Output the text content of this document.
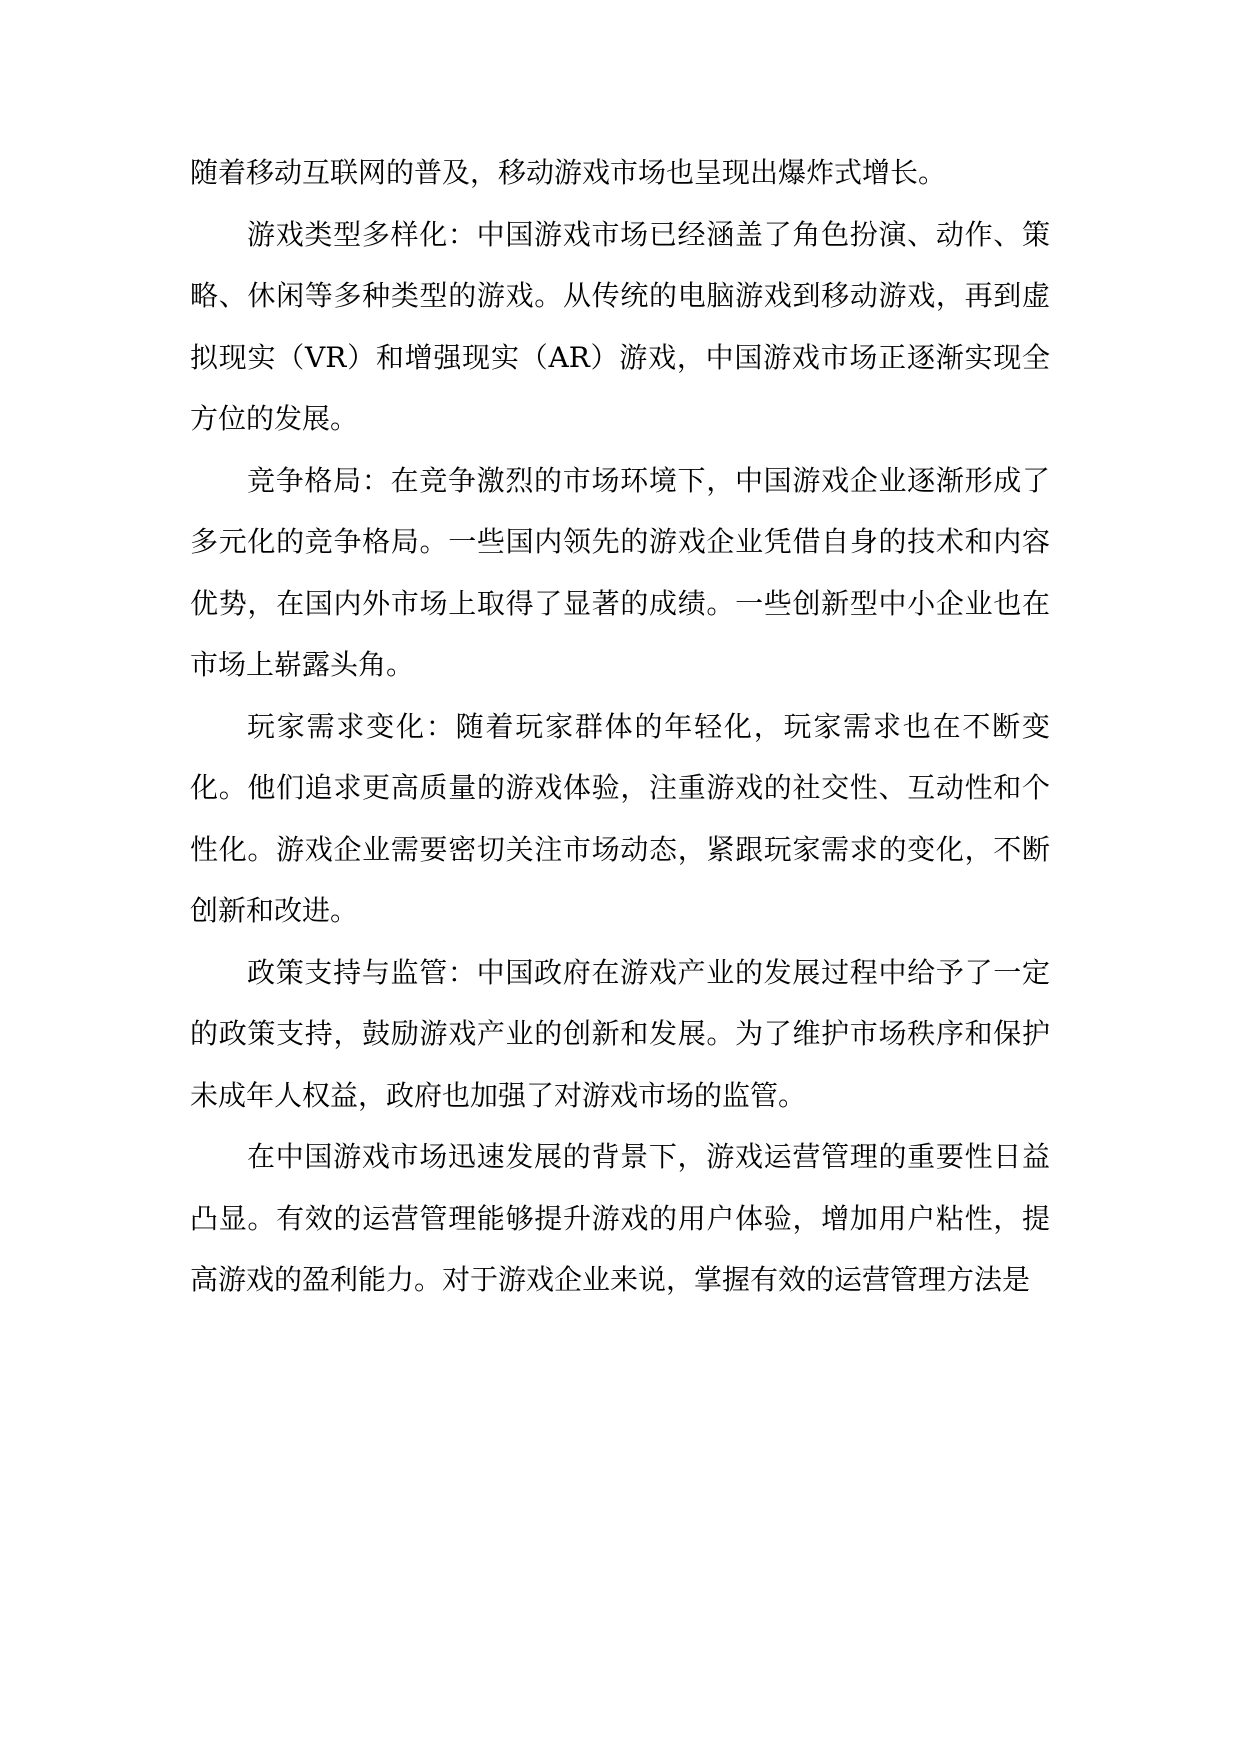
随着移动互联网的普及，移动游戏市场也呈现出爆炸式增长。

游戏类型多样化：中国游戏市场已经涵盖了角色扮演、动作、策略、休闲等多种类型的游戏。从传统的电脑游戏到移动游戏，再到虚拟现实（VR）和增强现实（AR）游戏，中国游戏市场正逐渐实现全方位的发展。

竞争格局：在竞争激烈的市场环境下，中国游戏企业逐渐形成了多元化的竞争格局。一些国内领先的游戏企业凭借自身的技术和内容优势，在国内外市场上取得了显著的成绩。一些创新型中小企业也在市场上崭露头角。

玩家需求变化：随着玩家群体的年轻化，玩家需求也在不断变化。他们追求更高质量的游戏体验，注重游戏的社交性、互动性和个性化。游戏企业需要密切关注市场动态，紧跟玩家需求的变化，不断创新和改进。

政策支持与监管：中国政府在游戏产业的发展过程中给予了一定的政策支持，鼓励游戏产业的创新和发展。为了维护市场秩序和保护未成年人权益，政府也加强了对游戏市场的监管。

在中国游戏市场迅速发展的背景下，游戏运营管理的重要性日益凸显。有效的运营管理能够提升游戏的用户体验，增加用户粘性，提高游戏的盈利能力。对于游戏企业来说，掌握有效的运营管理方法是
